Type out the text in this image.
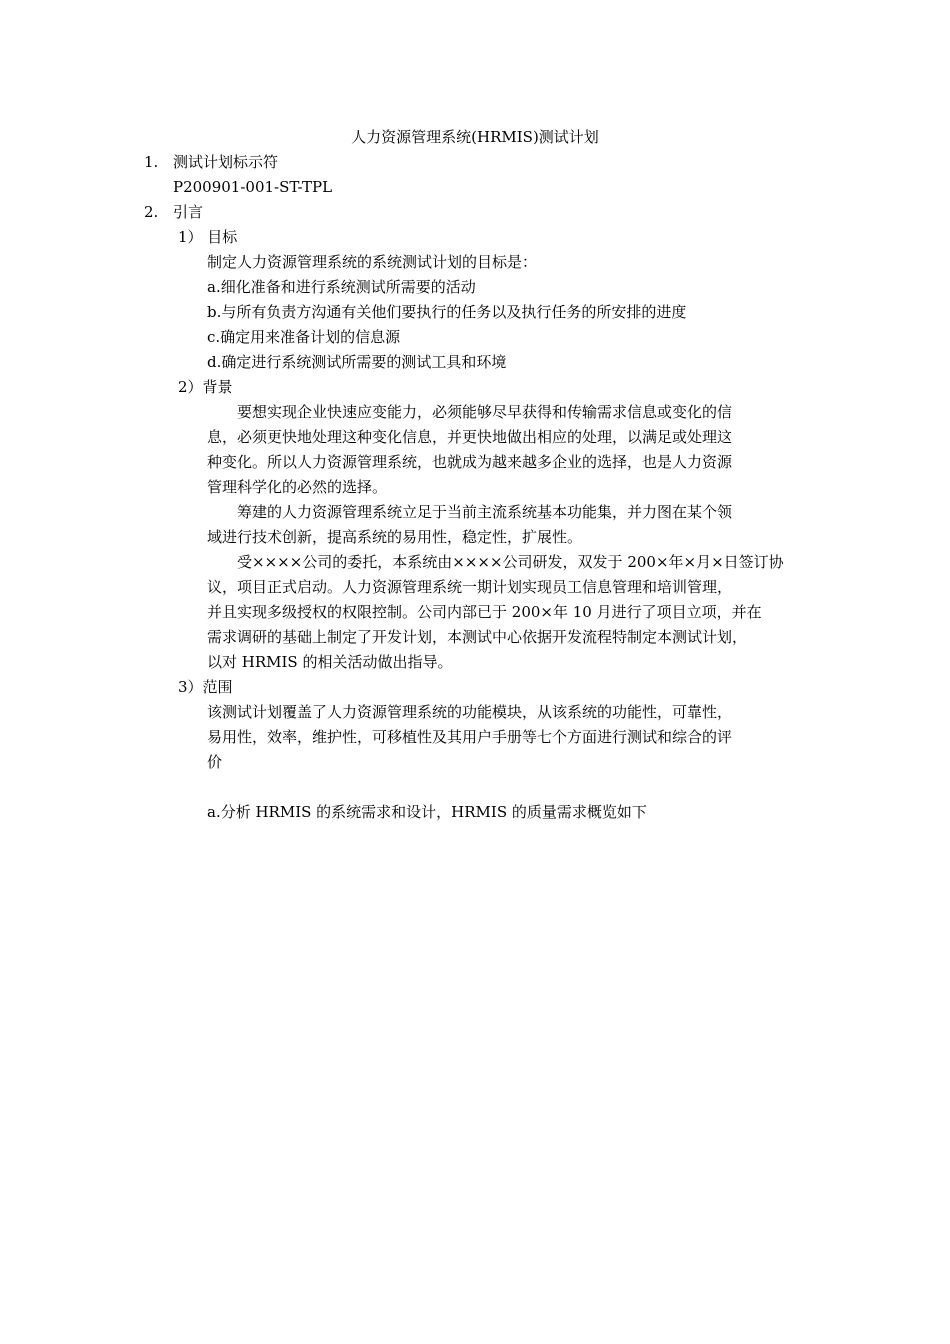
人力资源管理系统(HRMIS)测试计划
1. 测试计划标示符
P200901-001-ST-TPL
2. 引言
1） 目标
制定人力资源管理系统的系统测试计划的目标是：
a.细化准备和进行系统测试所需要的活动
b.与所有负责方沟通有关他们要执行的任务以及执行任务的所安排的进度
c.确定用来准备计划的信息源
d.确定进行系统测试所需要的测试工具和环境
2）背景
要想实现企业快速应变能力，必须能够尽早获得和传输需求信息或变化的信
息，必须更快地处理这种变化信息，并更快地做出相应的处理，以满足或处理这
种变化。所以人力资源管理系统，也就成为越来越多企业的选择，也是人力资源
管理科学化的必然的选择。
筹建的人力资源管理系统立足于当前主流系统基本功能集，并力图在某个领
域进行技术创新，提高系统的易用性，稳定性，扩展性。
受××××公司的委托，本系统由××××公司研发，双发于 200×年×月×日签订协
议，项目正式启动。人力资源管理系统一期计划实现员工信息管理和培训管理，
并且实现多级授权的权限控制。公司内部已于 200×年 10 月进行了项目立项，并在
需求调研的基础上制定了开发计划，本测试中心依据开发流程特制定本测试计划，
以对 HRMIS 的相关活动做出指导。
3）范围
该测试计划覆盖了人力资源管理系统的功能模块，从该系统的功能性，可靠性，
易用性，效率，维护性，可移植性及其用户手册等七个方面进行测试和综合的评
价
a.分析 HRMIS 的系统需求和设计，HRMIS 的质量需求概览如下
